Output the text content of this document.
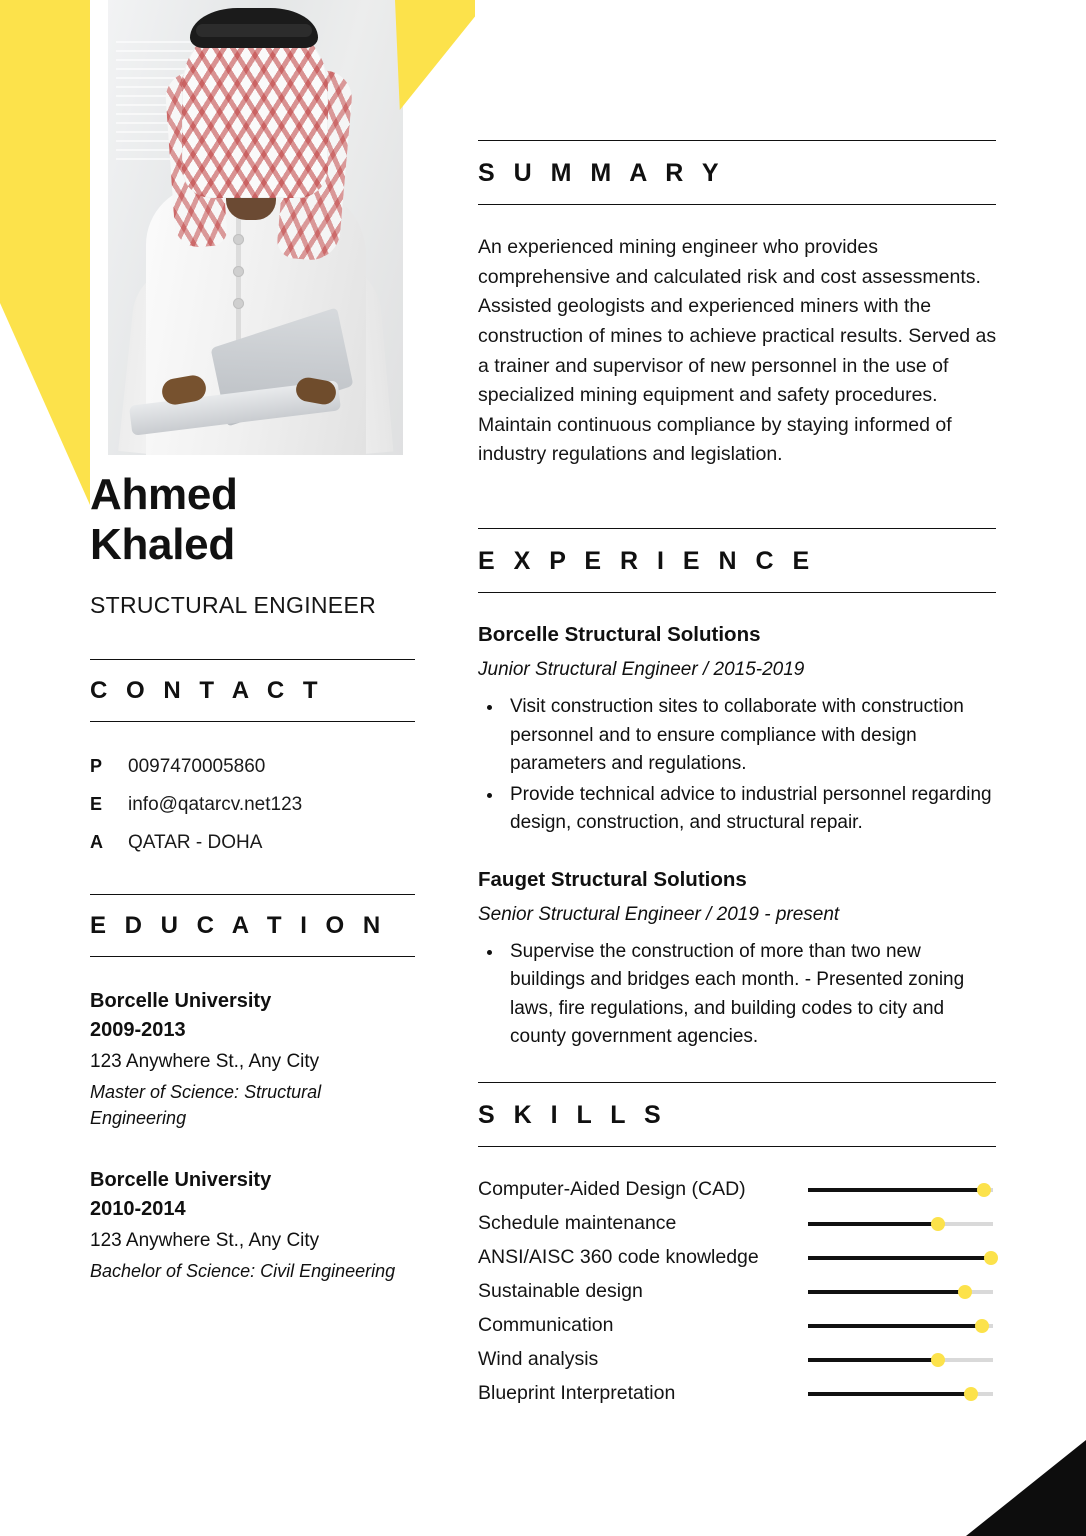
Ahmed
Khaled
STRUCTURAL ENGINEER
C O N T A C T
P	0097470005860
E	info@qatarcv.net123
A	QATAR - DOHA
E D U C A T I O N
Borcelle University
2009-2013
123 Anywhere St., Any City
Master of Science: Structural Engineering
Borcelle University
2010-2014
123 Anywhere St., Any City
Bachelor of Science: Civil Engineering
S U M M A R Y
An experienced mining engineer who provides comprehensive and calculated risk and cost assessments. Assisted geologists and experienced miners with the construction of mines to achieve practical results. Served as a trainer and supervisor of new personnel in the use of specialized mining equipment and safety procedures. Maintain continuous compliance by staying informed of industry regulations and legislation.
E X P E R I E N C E
Borcelle Structural Solutions
Junior Structural Engineer / 2015-2019
• Visit construction sites to collaborate with construction personnel and to ensure compliance with design parameters and regulations.
• Provide technical advice to industrial personnel regarding design, construction, and structural repair.
Fauget Structural Solutions
Senior Structural Engineer / 2019 - present
• Supervise the construction of more than two new buildings and bridges each month. - Presented zoning laws, fire regulations, and building codes to city and county government agencies.
S K I L L S
Computer-Aided Design (CAD)
Schedule maintenance
ANSI/AISC 360 code knowledge
Sustainable design
Communication
Wind analysis
Blueprint Interpretation
